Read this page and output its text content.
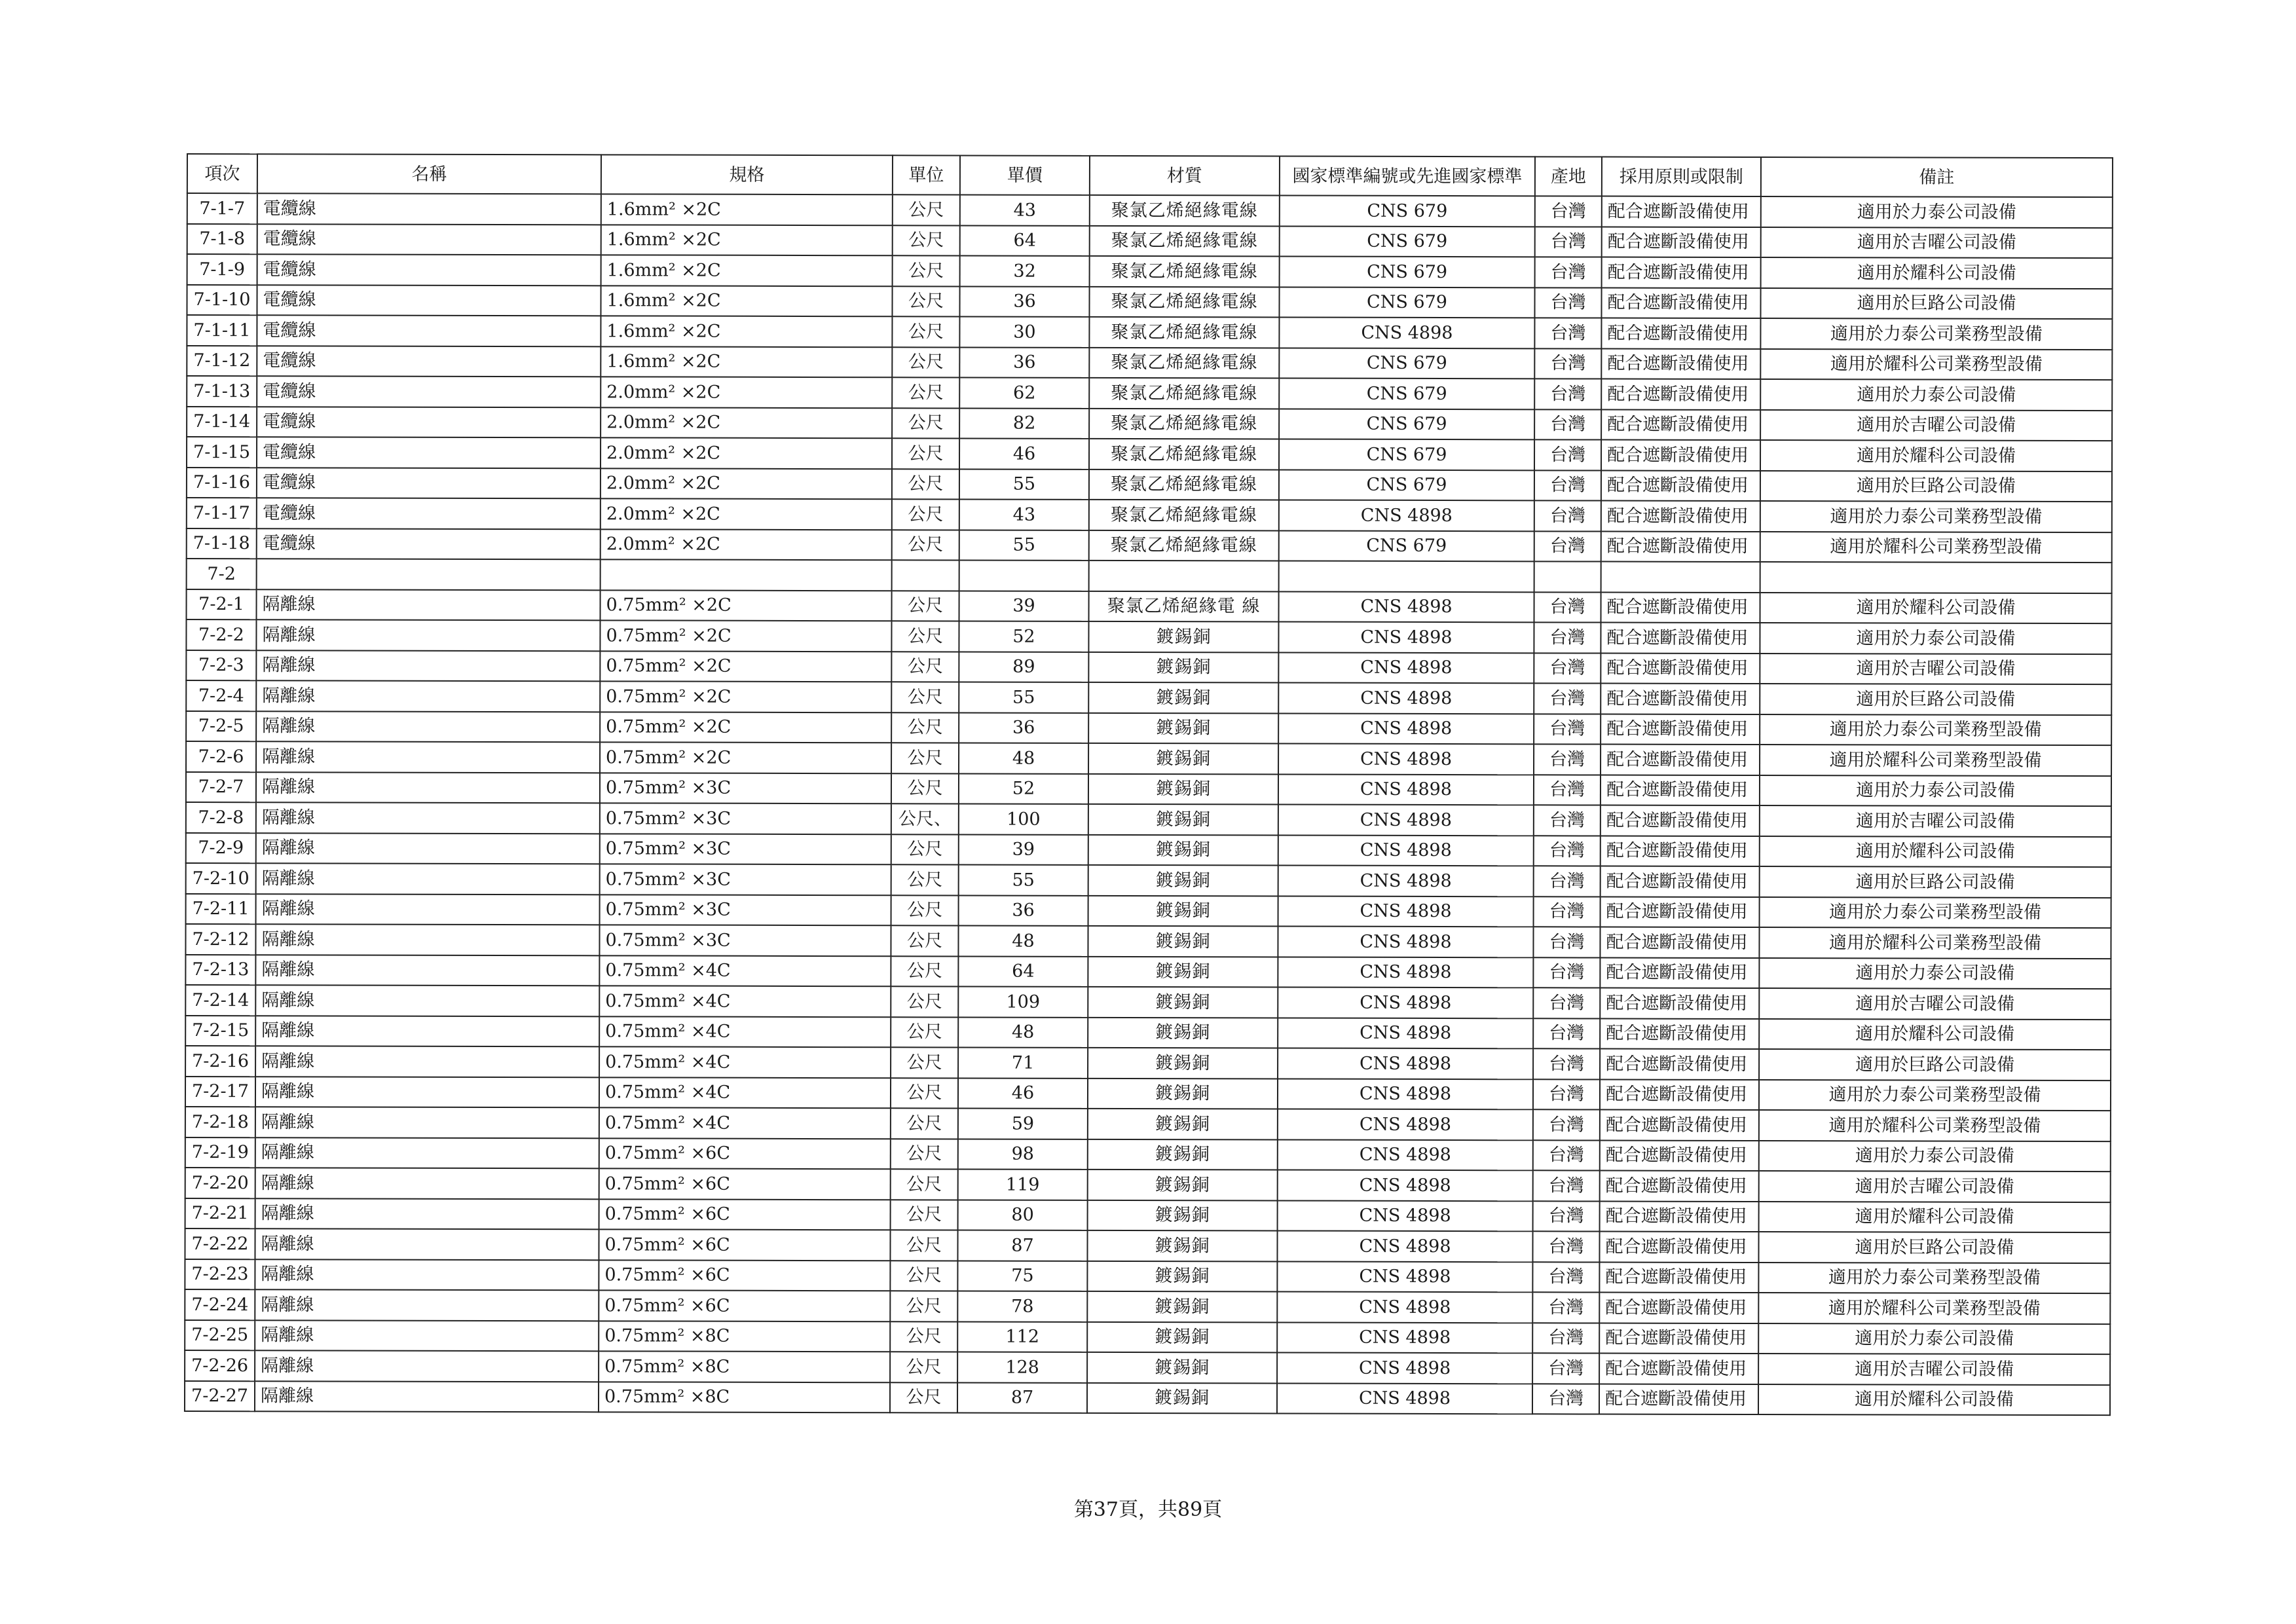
項次	名稱	規格	單位	單價	材質	國家標準編號或先進國家標準	產地	採用原則或限制	備註
7-1-7	電纜線	1.6mm² ×2C	公尺	43	聚氯乙烯絕緣電線	CNS 679	台灣	配合遮斷設備使用	適用於力泰公司設備
7-1-8	電纜線	1.6mm² ×2C	公尺	64	聚氯乙烯絕緣電線	CNS 679	台灣	配合遮斷設備使用	適用於吉曜公司設備
7-1-9	電纜線	1.6mm² ×2C	公尺	32	聚氯乙烯絕緣電線	CNS 679	台灣	配合遮斷設備使用	適用於耀科公司設備
7-1-10	電纜線	1.6mm² ×2C	公尺	36	聚氯乙烯絕緣電線	CNS 679	台灣	配合遮斷設備使用	適用於巨路公司設備
7-1-11	電纜線	1.6mm² ×2C	公尺	30	聚氯乙烯絕緣電線	CNS 4898	台灣	配合遮斷設備使用	適用於力泰公司業務型設備
7-1-12	電纜線	1.6mm² ×2C	公尺	36	聚氯乙烯絕緣電線	CNS 679	台灣	配合遮斷設備使用	適用於耀科公司業務型設備
7-1-13	電纜線	2.0mm² ×2C	公尺	62	聚氯乙烯絕緣電線	CNS 679	台灣	配合遮斷設備使用	適用於力泰公司設備
7-1-14	電纜線	2.0mm² ×2C	公尺	82	聚氯乙烯絕緣電線	CNS 679	台灣	配合遮斷設備使用	適用於吉曜公司設備
7-1-15	電纜線	2.0mm² ×2C	公尺	46	聚氯乙烯絕緣電線	CNS 679	台灣	配合遮斷設備使用	適用於耀科公司設備
7-1-16	電纜線	2.0mm² ×2C	公尺	55	聚氯乙烯絕緣電線	CNS 679	台灣	配合遮斷設備使用	適用於巨路公司設備
7-1-17	電纜線	2.0mm² ×2C	公尺	43	聚氯乙烯絕緣電線	CNS 4898	台灣	配合遮斷設備使用	適用於力泰公司業務型設備
7-1-18	電纜線	2.0mm² ×2C	公尺	55	聚氯乙烯絕緣電線	CNS 679	台灣	配合遮斷設備使用	適用於耀科公司業務型設備
7-2									
7-2-1	隔離線	0.75mm² ×2C	公尺	39	聚氯乙烯絕緣電 線	CNS 4898	台灣	配合遮斷設備使用	適用於耀科公司設備
7-2-2	隔離線	0.75mm² ×2C	公尺	52	鍍錫銅	CNS 4898	台灣	配合遮斷設備使用	適用於力泰公司設備
7-2-3	隔離線	0.75mm² ×2C	公尺	89	鍍錫銅	CNS 4898	台灣	配合遮斷設備使用	適用於吉曜公司設備
7-2-4	隔離線	0.75mm² ×2C	公尺	55	鍍錫銅	CNS 4898	台灣	配合遮斷設備使用	適用於巨路公司設備
7-2-5	隔離線	0.75mm² ×2C	公尺	36	鍍錫銅	CNS 4898	台灣	配合遮斷設備使用	適用於力泰公司業務型設備
7-2-6	隔離線	0.75mm² ×2C	公尺	48	鍍錫銅	CNS 4898	台灣	配合遮斷設備使用	適用於耀科公司業務型設備
7-2-7	隔離線	0.75mm² ×3C	公尺	52	鍍錫銅	CNS 4898	台灣	配合遮斷設備使用	適用於力泰公司設備
7-2-8	隔離線	0.75mm² ×3C	公尺、	100	鍍錫銅	CNS 4898	台灣	配合遮斷設備使用	適用於吉曜公司設備
7-2-9	隔離線	0.75mm² ×3C	公尺	39	鍍錫銅	CNS 4898	台灣	配合遮斷設備使用	適用於耀科公司設備
7-2-10	隔離線	0.75mm² ×3C	公尺	55	鍍錫銅	CNS 4898	台灣	配合遮斷設備使用	適用於巨路公司設備
7-2-11	隔離線	0.75mm² ×3C	公尺	36	鍍錫銅	CNS 4898	台灣	配合遮斷設備使用	適用於力泰公司業務型設備
7-2-12	隔離線	0.75mm² ×3C	公尺	48	鍍錫銅	CNS 4898	台灣	配合遮斷設備使用	適用於耀科公司業務型設備
7-2-13	隔離線	0.75mm² ×4C	公尺	64	鍍錫銅	CNS 4898	台灣	配合遮斷設備使用	適用於力泰公司設備
7-2-14	隔離線	0.75mm² ×4C	公尺	109	鍍錫銅	CNS 4898	台灣	配合遮斷設備使用	適用於吉曜公司設備
7-2-15	隔離線	0.75mm² ×4C	公尺	48	鍍錫銅	CNS 4898	台灣	配合遮斷設備使用	適用於耀科公司設備
7-2-16	隔離線	0.75mm² ×4C	公尺	71	鍍錫銅	CNS 4898	台灣	配合遮斷設備使用	適用於巨路公司設備
7-2-17	隔離線	0.75mm² ×4C	公尺	46	鍍錫銅	CNS 4898	台灣	配合遮斷設備使用	適用於力泰公司業務型設備
7-2-18	隔離線	0.75mm² ×4C	公尺	59	鍍錫銅	CNS 4898	台灣	配合遮斷設備使用	適用於耀科公司業務型設備
7-2-19	隔離線	0.75mm² ×6C	公尺	98	鍍錫銅	CNS 4898	台灣	配合遮斷設備使用	適用於力泰公司設備
7-2-20	隔離線	0.75mm² ×6C	公尺	119	鍍錫銅	CNS 4898	台灣	配合遮斷設備使用	適用於吉曜公司設備
7-2-21	隔離線	0.75mm² ×6C	公尺	80	鍍錫銅	CNS 4898	台灣	配合遮斷設備使用	適用於耀科公司設備
7-2-22	隔離線	0.75mm² ×6C	公尺	87	鍍錫銅	CNS 4898	台灣	配合遮斷設備使用	適用於巨路公司設備
7-2-23	隔離線	0.75mm² ×6C	公尺	75	鍍錫銅	CNS 4898	台灣	配合遮斷設備使用	適用於力泰公司業務型設備
7-2-24	隔離線	0.75mm² ×6C	公尺	78	鍍錫銅	CNS 4898	台灣	配合遮斷設備使用	適用於耀科公司業務型設備
7-2-25	隔離線	0.75mm² ×8C	公尺	112	鍍錫銅	CNS 4898	台灣	配合遮斷設備使用	適用於力泰公司設備
7-2-26	隔離線	0.75mm² ×8C	公尺	128	鍍錫銅	CNS 4898	台灣	配合遮斷設備使用	適用於吉曜公司設備
7-2-27	隔離線	0.75mm² ×8C	公尺	87	鍍錫銅	CNS 4898	台灣	配合遮斷設備使用	適用於耀科公司設備
第37頁，共89頁
